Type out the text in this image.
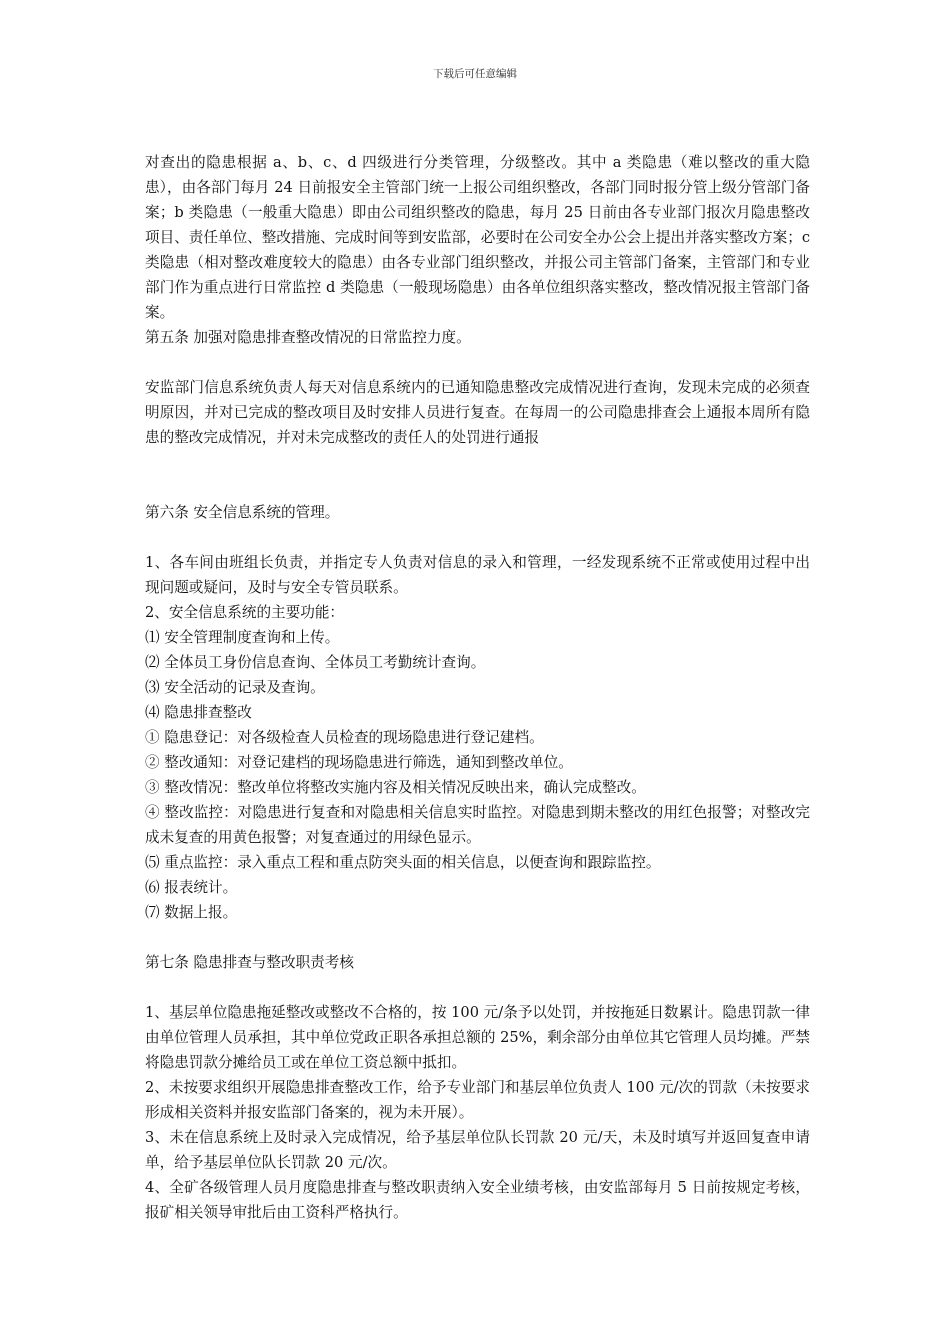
下载后可任意编辑

对查出的隐患根据 a、b、c、d 四级进行分类管理，分级整改。其中 a 类隐患（难以整改的重大隐患），由各部门每月 24 日前报安全主管部门统一上报公司组织整改，各部门同时报分管上级分管部门备案；b 类隐患（一般重大隐患）即由公司组织整改的隐患，每月 25 日前由各专业部门报次月隐患整改项目、责任单位、整改措施、完成时间等到安监部，必要时在公司安全办公会上提出并落实整改方案；c 类隐患（相对整改难度较大的隐患）由各专业部门组织整改，并报公司主管部门备案，主管部门和专业部门作为重点进行日常监控 d 类隐患（一般现场隐患）由各单位组织落实整改，整改情况报主管部门备案。

第五条 加强对隐患排查整改情况的日常监控力度。

安监部门信息系统负责人每天对信息系统内的已通知隐患整改完成情况进行查询，发现未完成的必须查明原因，并对已完成的整改项目及时安排人员进行复查。在每周一的公司隐患排查会上通报本周所有隐患的整改完成情况，并对未完成整改的责任人的处罚进行通报

第六条 安全信息系统的管理。

1、各车间由班组长负责，并指定专人负责对信息的录入和管理，一经发现系统不正常或使用过程中出现问题或疑问，及时与安全专管员联系。

2、安全信息系统的主要功能：

⑴ 安全管理制度查询和上传。

⑵ 全体员工身份信息查询、全体员工考勤统计查询。

⑶ 安全活动的记录及查询。

⑷ 隐患排查整改

① 隐患登记：对各级检查人员检查的现场隐患进行登记建档。

② 整改通知：对登记建档的现场隐患进行筛选，通知到整改单位。

③ 整改情况：整改单位将整改实施内容及相关情况反映出来，确认完成整改。

④ 整改监控：对隐患进行复查和对隐患相关信息实时监控。对隐患到期未整改的用红色报警；对整改完成未复查的用黄色报警；对复查通过的用绿色显示。

⑸ 重点监控：录入重点工程和重点防突头面的相关信息，以便查询和跟踪监控。

⑹ 报表统计。

⑺ 数据上报。

第七条 隐患排查与整改职责考核

1、基层单位隐患拖延整改或整改不合格的，按 100 元/条予以处罚，并按拖延日数累计。隐患罚款一律由单位管理人员承担，其中单位党政正职各承担总额的 25%，剩余部分由单位其它管理人员均摊。严禁将隐患罚款分摊给员工或在单位工资总额中抵扣。

2、未按要求组织开展隐患排查整改工作，给予专业部门和基层单位负责人 100 元/次的罚款（未按要求形成相关资料并报安监部门备案的，视为未开展）。

3、未在信息系统上及时录入完成情况，给予基层单位队长罚款 20 元/天，未及时填写并返回复查申请单，给予基层单位队长罚款 20 元/次。

4、全矿各级管理人员月度隐患排查与整改职责纳入安全业绩考核，由安监部每月 5 日前按规定考核，报矿相关领导审批后由工资科严格执行。
